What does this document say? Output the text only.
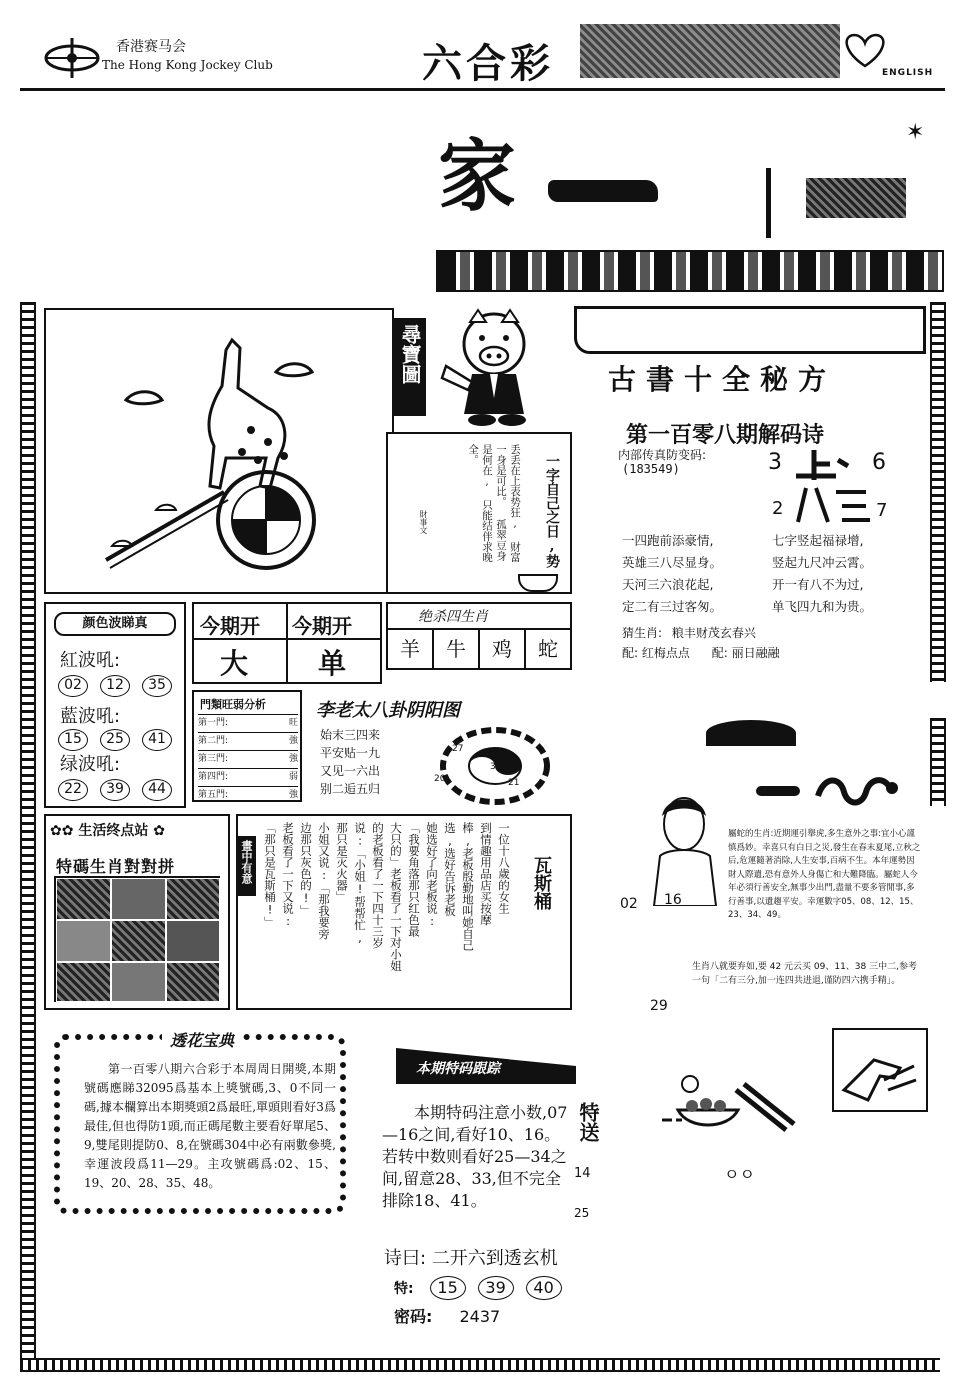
香港赛马会
The Hong Kong Jockey Club	六合彩	ENGLISH
家	✶
尋寶圖
一字自己之日,势
丢丢在上表势狂, 财富一身是可比。 孤翠豆身是何在, 只能结伴求晚全。
財事文
古書十全秘方
第一百零八期解码诗
内部传真防变码:
(183549)	3	6
2	7
一四跑前添豪情,	七字竖起福禄增,
英雄三八尽显身。	竖起九尺冲云霄。
天河三六浪花起,	开一有八不为过,
定二有三过客匆。	单飞四九和为贵。
猜生肖: 粮丰财茂玄春兴
配: 红梅点点 配: 丽日融融
颜色波睇真
紅波吼:
02 12 35
藍波吼:
15 25 41
绿波吼:
22 39 44
今期开 今期开
大 单
绝杀四生肖
羊	牛	鸡	蛇
門類旺弱分析
第一門:	旺
第二門:	強
第三門:	強
第四門:	弱
第五門:	強
李老太八卦阴阳图
始末三四来
平安贴一九
又见一六出
别二逅五归
27
35
20	21
✿✿ 生活终点站 ✿
特碼生肖對對拼	畫中有意	一位十八歲的女生
到情趣用品店买按摩
棒,老板殷勤地叫她自己
选,选好告诉老板
她选好了向老板说:
「我要角落那只红色最
大只的」老板看了一下对小姐
的老板看了一下四十三岁
说:「小姐!帮帮忙,
那只是灭火器」
小姐又说:「那我要旁
边那只灰色的!」
老板看了一下又说:
「那只是瓦斯桶!」	瓦斯桶
屬蛇的生肖:近期運引舉虎,多生意外之事:宜小心謹慎爲妙。幸喜只有白日之災,發生在春末夏尾,立秋之后,危運隨著消除,人生安事,百病不生。本年運勢因財人際遺,恐有意外人身傷亡和大難降臨。屬蛇人今年必須行善安全,無事少出門,盡量不要多管閒事,多行善事,以遺趨平安。幸運數字05、08、12、15、23、34、49。
02 16
生肖八就要弃如,要 42 元云买 09、11、38 三中二,参考一句「二有三分,加一连四共进退,谨防四六携手精」。
29
ㅇㅇ
透花宝典
第一百零八期六合彩于本周周日開獎,本期號碼應睇32095爲基本上獎號碼,3、0不同一碼,據本欄算出本期獎頭2爲最旺,單頭則看好3爲最佳,但也得防1頭,而正碼尾數主要看好單尾5、9,雙尾則提防0、8,在號碼304中必有兩數參獎,幸運波段爲11—29。主攻號碼爲:02、15、19、20、28、35、48。
本期特码跟踪
本期特码注意小数,07—16之间,看好10、16。若转中数则看好25—34之间,留意28、33,但不完全排除18、41。
特送
14
25
诗曰: 二开六到透玄机
特:	15	39	40
密码: 2437
